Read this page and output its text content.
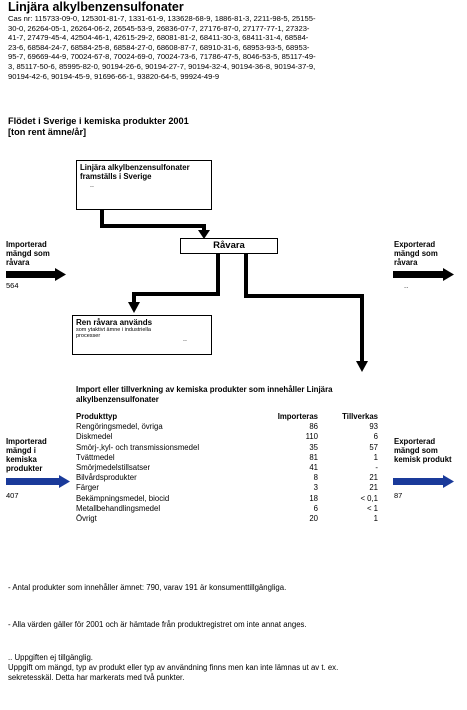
Linjära alkylbenzensulfonater
Cas nr: 115733-09-0, 125301-81-7, 1331-61-9, 133628-68-9, 1886-81-3, 2211-98-5, 25155-30-0, 26264-05-1, 26264-06-2, 26545-53-9, 26836-07-7, 27176-87-0, 27177-77-1, 27323-41-7, 27479-45-4, 42504-46-1, 42615-29-2, 68081-81-2, 68411-30-3, 68411-31-4, 68584-23-6, 68584-24-7, 68584-25-8, 68584-27-0, 68608-87-7, 68910-31-6, 68953-93-5, 68953-95-7, 69669-44-9, 70024-67-8, 70024-69-0, 70024-73-6, 71786-47-5, 8046-53-5, 85117-49-3, 85117-50-6, 85995-82-0, 90194-26-6, 90194-27-7, 90194-32-4, 90194-36-8, 90194-37-9, 90194-42-6, 90194-45-9, 91696-66-1, 93820-64-5, 99924-49-9
Flödet i Sverige i kemiska produkter 2001
[ton rent ämne/år]
Linjära alkylbenzensulfonater framställs i Sverige
..
Råvara
Importerad mängd som råvara
564
Exporterad mängd som råvara
..
Ren råvara används
som ytaktivt ämne i industriella processer	..
Import eller tillverkning av kemiska produkter som innehåller Linjära alkylbenzensulfonater
Produkttyp	Importeras	Tillverkas
Rengöringsmedel, övriga	86	93
Diskmedel	110	6
Smörj-,kyl- och transmissionsmedel	35	57
Tvättmedel	81	1
Smörjmedelstillsatser	41	-
Bilvårdsprodukter	8	21
Färger	3	21
Bekämpningsmedel, biocid	18	< 0,1
Metallbehandlingsmedel	6	< 1
Övrigt	20	1
Importerad mängd i kemiska produkter
407
Exporterad mängd som kemisk produkt
87
- Antal produkter som innehåller ämnet: 790, varav 191 är konsumenttillgängliga.
- Alla värden gäller för 2001 och är hämtade från produktregistret om inte annat anges.
.. Uppgiften ej tillgänglig.
Uppgift om mängd, typ av produkt eller typ av användning finns men kan inte lämnas ut av t. ex. sekretesskäl. Detta har markerats med två punkter.
